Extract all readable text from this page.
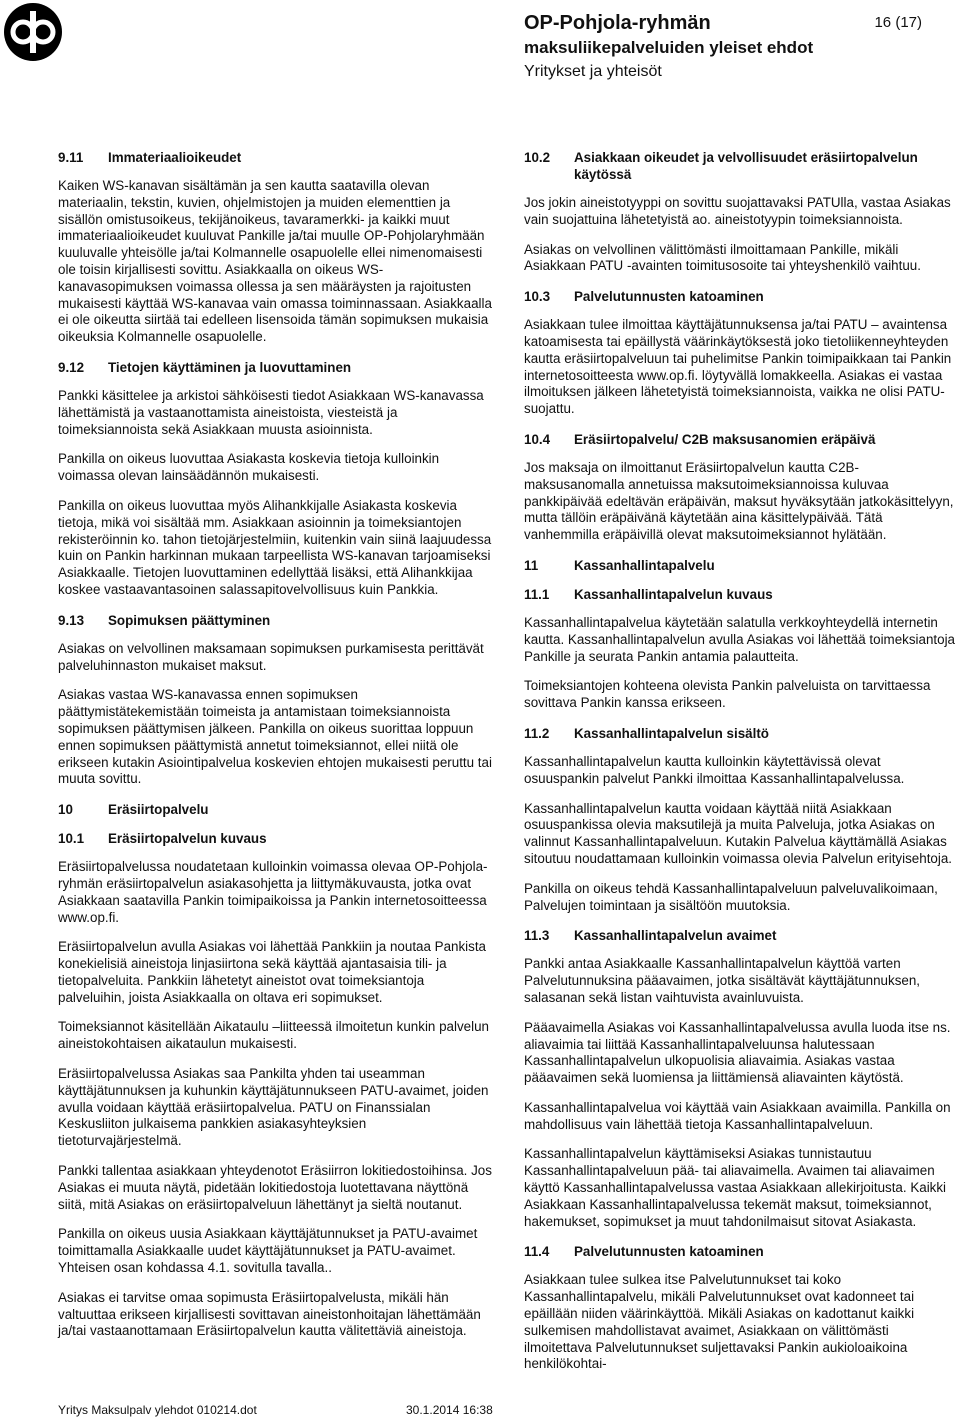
OP-Pohjola-ryhmän
maksuliikepalveluiden yleiset ehdot
Yritykset ja yhteisöt
16 (17)
9.11	Immateriaalioikeudet

Kaiken WS-kanavan sisältämän ja sen kautta saatavilla olevan materiaalin, tekstin, kuvien, ohjelmistojen ja muiden elementtien ja sisällön omistusoikeus, tekijänoikeus, tavaramerkki- ja kaikki muut immateriaalioikeudet kuuluvat Pankille ja/tai muulle OP-Pohjolaryhmään kuuluvalle yhteisölle ja/tai Kolmannelle osapuolelle ellei nimenomaisesti ole toisin kirjallisesti sovittu. Asiakkaalla on oikeus WS-kanavasopimuksen voimassa ollessa ja sen määräysten ja rajoitusten mukaisesti käyttää WS-kanavaa vain omassa toiminnassaan. Asiakkaalla ei ole oikeutta siirtää tai edelleen lisensoida tämän sopimuksen mukaisia oikeuksia Kolmannelle osapuolelle.

9.12	Tietojen käyttäminen ja luovuttaminen

Pankki käsittelee ja arkistoi sähköisesti tiedot Asiakkaan WS-kanavassa lähettämistä ja vastaanottamista aineistoista, viesteistä ja toimeksiannoista sekä Asiakkaan muusta asioinnista.

Pankilla on oikeus luovuttaa Asiakasta koskevia tietoja kulloinkin voimassa olevan lainsäädännön mukaisesti.

Pankilla on oikeus luovuttaa myös Alihankkijalle Asiakasta koskevia tietoja, mikä voi sisältää mm. Asiakkaan asioinnin ja toimeksiantojen rekisteröinnin ko. tahon tietojärjestelmiin, kuitenkin vain siinä laajuudessa kuin on Pankin harkinnan mukaan tarpeellista WS-kanavan tarjoamiseksi Asiakkaalle. Tietojen luovuttaminen edellyttää lisäksi, että Alihankkijaa koskee vastaavantasoinen salassapitovelvollisuus kuin Pankkia.

9.13	Sopimuksen päättyminen

Asiakas on velvollinen maksamaan sopimuksen purkamisesta perittävät palveluhinnaston mukaiset maksut.

Asiakas vastaa WS-kanavassa ennen sopimuksen päättymistätekemistään toimeista ja antamistaan toimeksiannoista sopimuksen päättymisen jälkeen. Pankilla on oikeus suorittaa loppuun ennen sopimuksen päättymistä annetut toimeksiannot, ellei niitä ole erikseen kutakin Asiointipalvelua koskevien ehtojen mukaisesti peruttu tai muuta sovittu.

10	Eräsiirtopalvelu
10.1	Eräsiirtopalvelun kuvaus

Eräsiirtopalvelussa noudatetaan kulloinkin voimassa olevaa OP-Pohjola-ryhmän eräsiirtopalvelun asiakasohjetta ja liittymäkuvausta, jotka ovat Asiakkaan saatavilla Pankin toimipaikoissa ja Pankin internetosoitteessa www.op.fi.

Eräsiirtopalvelun avulla Asiakas voi lähettää Pankkiin ja noutaa Pankista konekielisiä aineistoja linjasiirtona sekä käyttää ajantasaisia tili- ja tietopalveluita. Pankkiin lähetetyt aineistot ovat toimeksiantoja palveluihin, joista Asiakkaalla on oltava eri sopimukset.

Toimeksiannot käsitellään Aikataulu –liitteessä ilmoitetun kunkin palvelun aineistokohtaisen aikataulun mukaisesti.

Eräsiirtopalvelussa Asiakas saa Pankilta yhden tai useamman käyttäjätunnuksen ja kuhunkin käyttäjätunnukseen PATU-avaimet, joiden avulla voidaan käyttää eräsiirtopalvelua. PATU on Finanssialan Keskusliiton julkaisema pankkien asiakasyhteyksien tietoturvajärjestelmä.

Pankki tallentaa asiakkaan yhteydenotot Eräsiirron lokitiedostoihinsa. Jos Asiakas ei muuta näytä, pidetään lokitiedostoja luotettavana näyttönä siitä, mitä Asiakas on eräsiirtopalveluun lähettänyt ja sieltä noutanut.

Pankilla on oikeus uusia Asiakkaan käyttäjätunnukset ja PATU-avaimet toimittamalla Asiakkaalle uudet käyttäjätunnukset ja PATU-avaimet. Yhteisen osan kohdassa 4.1. sovitulla tavalla..

Asiakas ei tarvitse omaa sopimusta Eräsiirtopalvelusta, mikäli hän valtuuttaa erikseen kirjallisesti sovittavan aineistonhoitajan lähettämään ja/tai vastaanottamaan Eräsiirtopalvelun kautta välitettäviä aineistoja.

10.2	Asiakkaan oikeudet ja velvollisuudet eräsiirtopalvelun käytössä

Jos jokin aineistotyyppi on sovittu suojattavaksi PATUlla, vastaa Asiakas vain suojattuina lähetetyistä ao. aineistotyypin toimeksiannoista.

Asiakas on velvollinen välittömästi ilmoittamaan Pankille, mikäli Asiakkaan PATU -avainten toimitusosoite tai yhteyshenkilö vaihtuu.

10.3	Palvelutunnusten katoaminen

Asiakkaan tulee ilmoittaa käyttäjätunnuksensa ja/tai PATU – avaintensa katoamisesta tai epäillystä väärinkäytöksestä joko tietoliikenneyhteyden kautta eräsiirtopalveluun tai puhelimitse Pankin toimipaikkaan tai Pankin internetosoitteesta www.op.fi. löytyvällä lomakkeella. Asiakas ei vastaa ilmoituksen jälkeen lähetetyistä toimeksiannoista, vaikka ne olisi PATU-suojattu.

10.4	Eräsiirtopalvelu/ C2B maksusanomien eräpäivä

Jos maksaja on ilmoittanut Eräsiirtopalvelun kautta C2B-maksusanomalla annetuissa maksutoimeksiannoissa kuluvaa pankkipäivää edeltävän eräpäivän, maksut hyväksytään jatkokäsittelyyn, mutta tällöin eräpäivänä käytetään aina käsittelypäivää. Tätä vanhemmilla eräpäivillä olevat maksutoimeksiannot hylätään.

11	Kassanhallintapalvelu
11.1	Kassanhallintapalvelun kuvaus

Kassanhallintapalvelua käytetään salatulla verkkoyhteydellä internetin kautta. Kassanhallintapalvelun avulla Asiakas voi lähettää toimeksiantoja Pankille ja seurata Pankin antamia palautteita.

Toimeksiantojen kohteena olevista Pankin palveluista on tarvittaessa sovittava Pankin kanssa erikseen.

11.2	Kassanhallintapalvelun sisältö

Kassanhallintapalvelun kautta kulloinkin käytettävissä olevat osuuspankin palvelut Pankki ilmoittaa Kassanhallintapalvelussa.

Kassanhallintapalvelun kautta voidaan käyttää niitä Asiakkaan osuuspankissa olevia maksutilejä ja muita Palveluja, jotka Asiakas on valinnut Kassanhallintapalveluun. Kutakin Palvelua käyttämällä Asiakas sitoutuu noudattamaan kulloinkin voimassa olevia Palvelun erityisehtoja.

Pankilla on oikeus tehdä Kassanhallintapalveluun palveluvalikoimaan, Palvelujen toimintaan ja sisältöön muutoksia.

11.3	Kassanhallintapalvelun avaimet

Pankki antaa Asiakkaalle Kassanhallintapalvelun käyttöä varten Palvelutunnuksina pääavaimen, jotka sisältävät käyttäjätunnuksen, salasanan sekä listan vaihtuvista avainluvuista.

Pääavaimella Asiakas voi Kassanhallintapalvelussa avulla luoda itse ns. aliavaimia tai liittää Kassanhallintapalveluunsa halutessaan Kassanhallintapalvelun ulkopuolisia aliavaimia. Asiakas vastaa pääavaimen sekä luomiensa ja liittämiensä aliavainten käytöstä.

Kassanhallintapalvelua voi käyttää vain Asiakkaan avaimilla. Pankilla on mahdollisuus vain lähettää tietoja Kassanhallintapalveluun.

Kassanhallintapalvelun käyttämiseksi Asiakas tunnistautuu Kassanhallintapalveluun pää- tai aliavaimella. Avaimen tai aliavaimen käyttö Kassanhallintapalvelussa vastaa Asiakkaan allekirjoitusta. Kaikki Asiakkaan Kassanhallintapalvelussa tekemät maksut, toimeksiannot, hakemukset, sopimukset ja muut tahdonilmaisut sitovat Asiakasta.

11.4	Palvelutunnusten katoaminen

Asiakkaan tulee sulkea itse Palvelutunnukset tai koko Kassanhallintapalvelu, mikäli Palvelutunnukset ovat kadonneet tai epäillään niiden väärinkäyttöä. Mikäli Asiakas on kadottanut kaikki sulkemisen mahdollistavat avaimet, Asiakkaan on välittömästi ilmoitettava Palvelutunnukset suljettavaksi Pankin aukioloaikoina henkilökohtai-

Yritys Maksulpalv ylehdot 010214.dot	30.1.2014 16:38
